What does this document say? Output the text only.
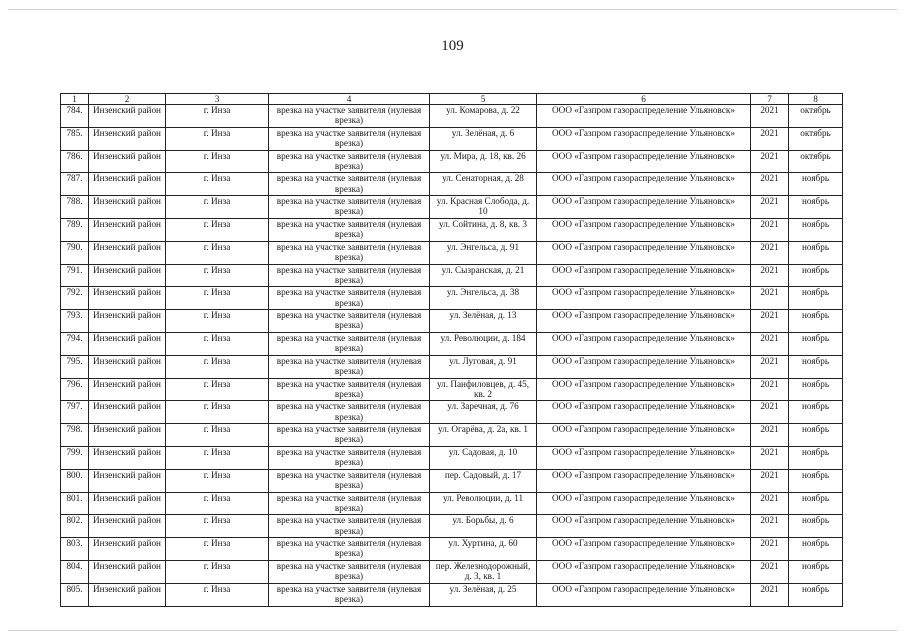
109
1	2	3	4	5	6	7	8
784.	Инзенский район	г. Инза	врезка на участке заявителя (нулевая врезка)	ул. Комарова, д. 22	ООО «Газпром газораспределение Ульяновск»	2021	октябрь
785.	Инзенский район	г. Инза	врезка на участке заявителя (нулевая врезка)	ул. Зелёная, д. 6	ООО «Газпром газораспределение Ульяновск»	2021	октябрь
786.	Инзенский район	г. Инза	врезка на участке заявителя (нулевая врезка)	ул. Мира, д. 18, кв. 26	ООО «Газпром газораспределение Ульяновск»	2021	октябрь
787.	Инзенский район	г. Инза	врезка на участке заявителя (нулевая врезка)	ул. Сенаторная, д. 28	ООО «Газпром газораспределение Ульяновск»	2021	ноябрь
788.	Инзенский район	г. Инза	врезка на участке заявителя (нулевая врезка)	ул. Красная Слобода, д. 10	ООО «Газпром газораспределение Ульяновск»	2021	ноябрь
789.	Инзенский район	г. Инза	врезка на участке заявителя (нулевая врезка)	ул. Сойтина, д. 8, кв. 3	ООО «Газпром газораспределение Ульяновск»	2021	ноябрь
790.	Инзенский район	г. Инза	врезка на участке заявителя (нулевая врезка)	ул. Энгельса, д. 91	ООО «Газпром газораспределение Ульяновск»	2021	ноябрь
791.	Инзенский район	г. Инза	врезка на участке заявителя (нулевая врезка)	ул. Сызранская, д. 21	ООО «Газпром газораспределение Ульяновск»	2021	ноябрь
792.	Инзенский район	г. Инза	врезка на участке заявителя (нулевая врезка)	ул. Энгельса, д. 38	ООО «Газпром газораспределение Ульяновск»	2021	ноябрь
793.	Инзенский район	г. Инза	врезка на участке заявителя (нулевая врезка)	ул. Зелёная, д. 13	ООО «Газпром газораспределение Ульяновск»	2021	ноябрь
794.	Инзенский район	г. Инза	врезка на участке заявителя (нулевая врезка)	ул. Революции, д. 184	ООО «Газпром газораспределение Ульяновск»	2021	ноябрь
795.	Инзенский район	г. Инза	врезка на участке заявителя (нулевая врезка)	ул. Луговая, д. 91	ООО «Газпром газораспределение Ульяновск»	2021	ноябрь
796.	Инзенский район	г. Инза	врезка на участке заявителя (нулевая врезка)	ул. Панфиловцев, д. 45, кв. 2	ООО «Газпром газораспределение Ульяновск»	2021	ноябрь
797.	Инзенский район	г. Инза	врезка на участке заявителя (нулевая врезка)	ул. Заречная, д. 76	ООО «Газпром газораспределение Ульяновск»	2021	ноябрь
798.	Инзенский район	г. Инза	врезка на участке заявителя (нулевая врезка)	ул. Огарёва, д. 2а, кв. 1	ООО «Газпром газораспределение Ульяновск»	2021	ноябрь
799.	Инзенский район	г. Инза	врезка на участке заявителя (нулевая врезка)	ул. Садовая, д. 10	ООО «Газпром газораспределение Ульяновск»	2021	ноябрь
800.	Инзенский район	г. Инза	врезка на участке заявителя (нулевая врезка)	пер. Садовый, д. 17	ООО «Газпром газораспределение Ульяновск»	2021	ноябрь
801.	Инзенский район	г. Инза	врезка на участке заявителя (нулевая врезка)	ул. Революции, д. 11	ООО «Газпром газораспределение Ульяновск»	2021	ноябрь
802.	Инзенский район	г. Инза	врезка на участке заявителя (нулевая врезка)	ул. Борьбы, д. 6	ООО «Газпром газораспределение Ульяновск»	2021	ноябрь
803.	Инзенский район	г. Инза	врезка на участке заявителя (нулевая врезка)	ул. Хуртина, д. 60	ООО «Газпром газораспределение Ульяновск»	2021	ноябрь
804.	Инзенский район	г. Инза	врезка на участке заявителя (нулевая врезка)	пер. Железнодорожный, д. 3, кв. 1	ООО «Газпром газораспределение Ульяновск»	2021	ноябрь
805.	Инзенский район	г. Инза	врезка на участке заявителя (нулевая врезка)	ул. Зелёная, д. 25	ООО «Газпром газораспределение Ульяновск»	2021	ноябрь
